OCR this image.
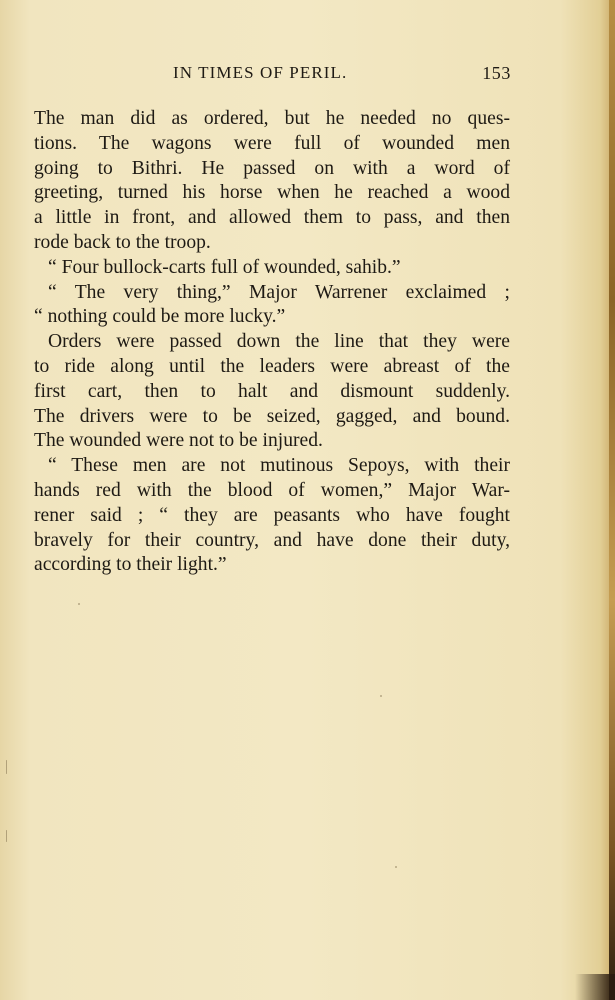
IN TIMES OF PERIL.	153
The man did as ordered, but he needed no ques-
tions. The wagons were full of wounded men
going to Bithri. He passed on with a word of
greeting, turned his horse when he reached a wood
a little in front, and allowed them to pass, and then
rode back to the troop.
“ Four bullock-carts full of wounded, sahib.”
“ The very thing,” Major Warrener exclaimed ;
“ nothing could be more lucky.”
Orders were passed down the line that they were
to ride along until the leaders were abreast of the
first cart, then to halt and dismount suddenly.
The drivers were to be seized, gagged, and bound.
The wounded were not to be injured.
“ These men are not mutinous Sepoys, with their
hands red with the blood of women,” Major War-
rener said ; “ they are peasants who have fought
bravely for their country, and have done their duty,
according to their light.”
